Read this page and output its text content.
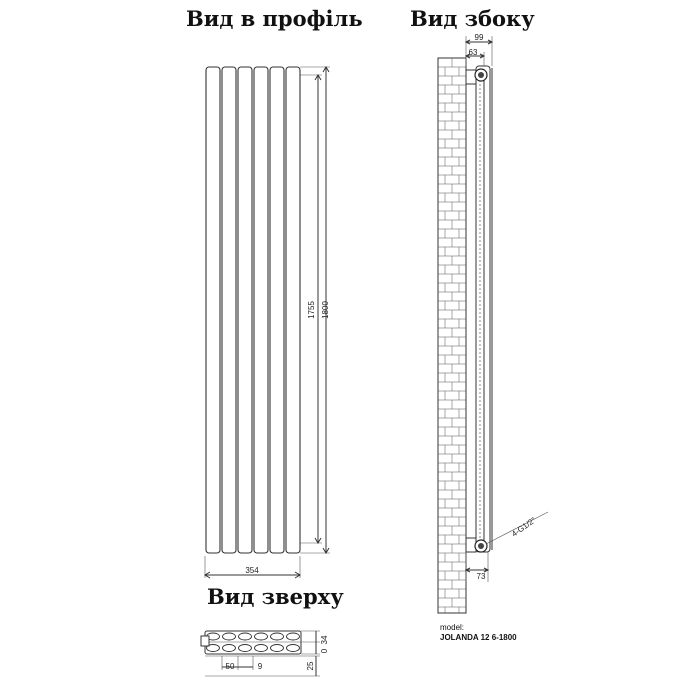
Вид в профіль Вид збоку
Вид зверху
1755 1800
354
99
63
73
4-G1/2"
model:
JOLANDA 12 6-1800
34
0
25
50	9
